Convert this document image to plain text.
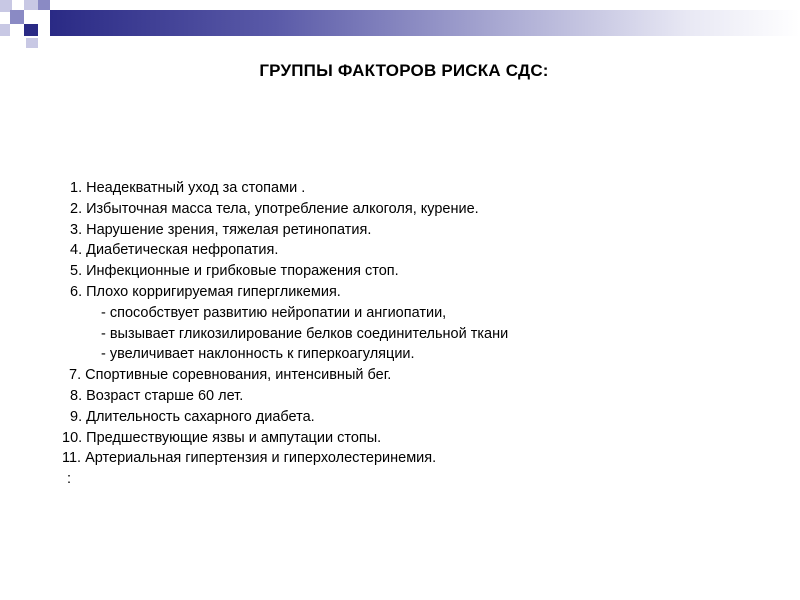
ГРУППЫ ФАКТОРОВ РИСКА СДС:
1. Неадекватный уход за стопами .
2. Избыточная масса тела, употребление алкоголя, курение.
3. Нарушение зрения, тяжелая ретинопатия.
4. Диабетическая нефропатия.
5. Инфекционные и грибковые тпоражения стоп.
6. Плохо корригируемая гипергликемия.
- способствует развитию нейропатии и ангиопатии,
- вызывает гликозилирование белков соединительной ткани
- увеличивает наклонность к гиперкоагуляции.
7. Спортивные соревнования, интенсивный бег.
8. Возраст старше 60 лет.
9. Длительность сахарного диабета.
10. Предшествующие язвы и ампутации стопы.
11. Артериальная гипертензия и гиперхолестеринемия.
:
